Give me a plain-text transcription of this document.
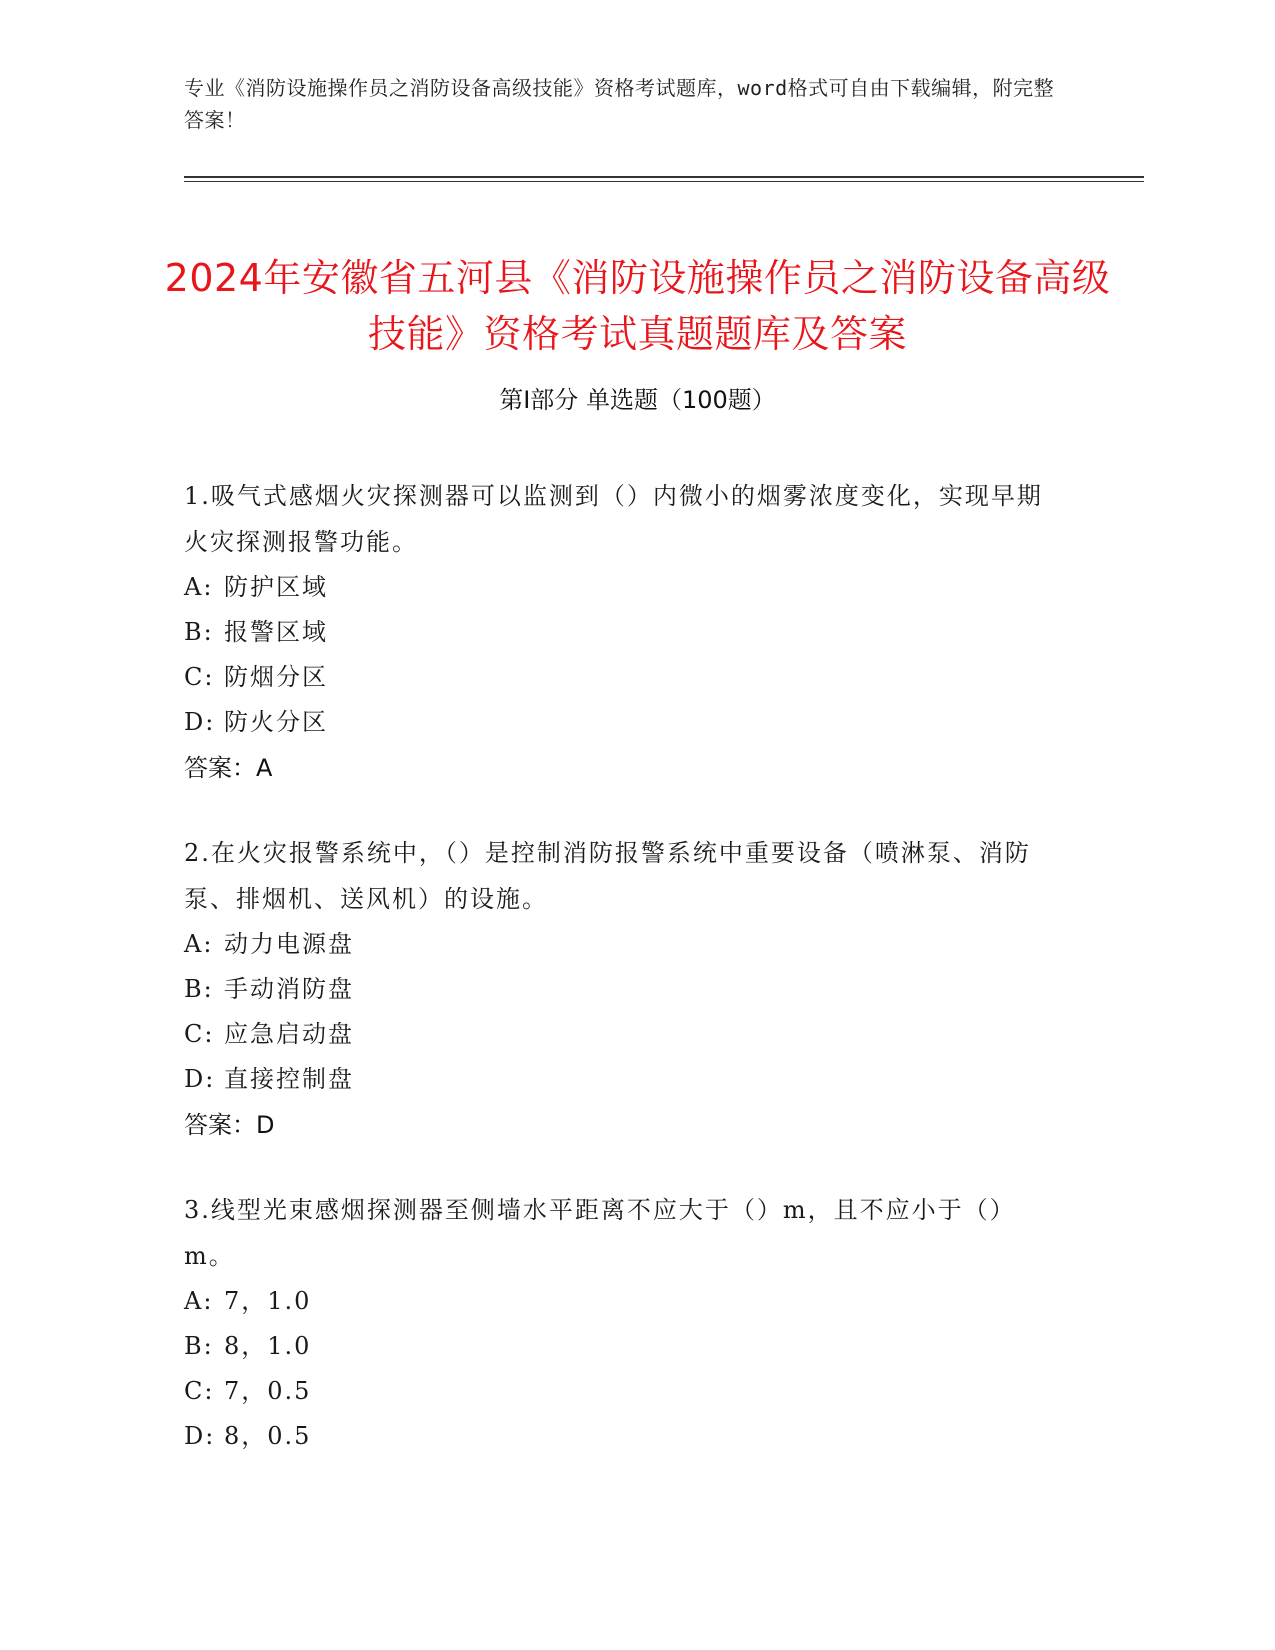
专业《消防设施操作员之消防设备高级技能》资格考试题库，word格式可自由下载编辑，附完整答案！
2024年安徽省五河县《消防设施操作员之消防设备高级技能》资格考试真题题库及答案
第Ⅰ部分 单选题（100题）

1.吸气式感烟火灾探测器可以监测到（）内微小的烟雾浓度变化，实现早期火灾探测报警功能。

A: 防护区域

B: 报警区域

C: 防烟分区

D: 防火分区

答案：A

2.在火灾报警系统中，（）是控制消防报警系统中重要设备（喷淋泵、消防泵、排烟机、送风机）的设施。

A: 动力电源盘

B: 手动消防盘

C: 应急启动盘

D: 直接控制盘

答案：D

3.线型光束感烟探测器至侧墙水平距离不应大于（）m，且不应小于（）m。

A: 7，1.0

B: 8，1.0

C: 7，0.5

D: 8，0.5
